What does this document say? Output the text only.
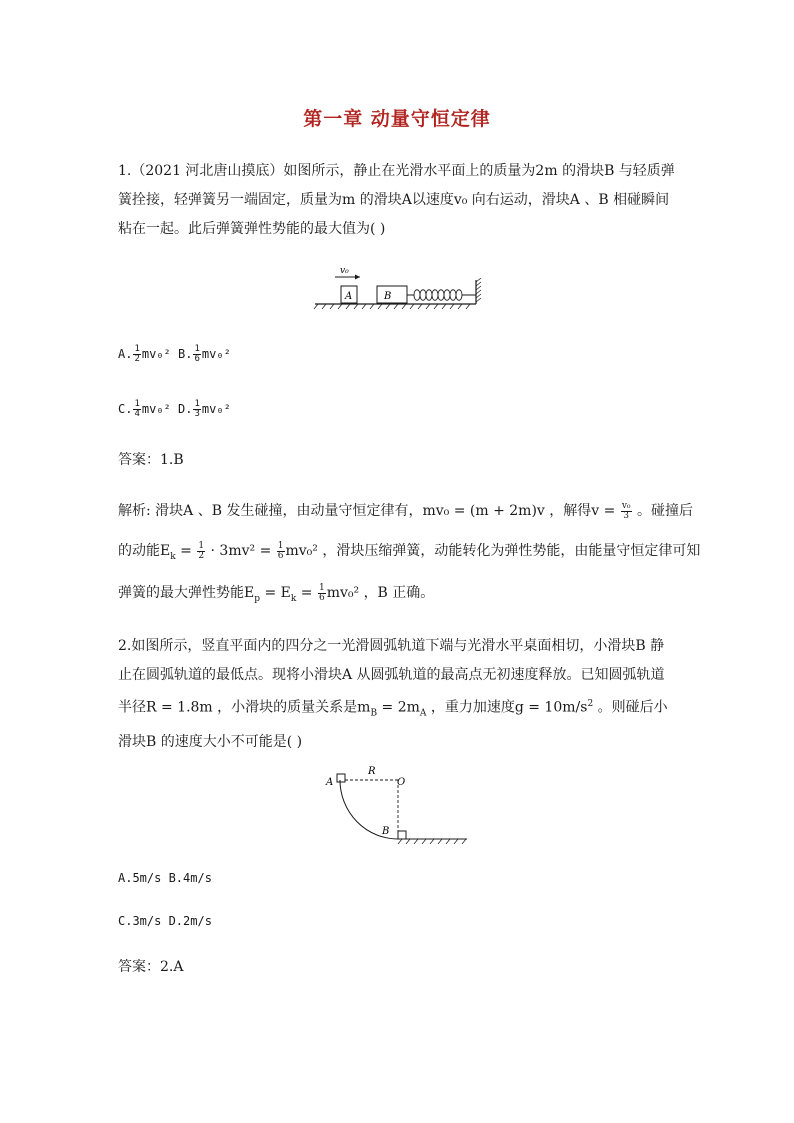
第一章 动量守恒定律
1.（2021 河北唐山摸底）如图所示，静止在光滑水平面上的质量为2m 的滑块B 与轻质弹簧拴接，轻弹簧另一端固定，质量为m 的滑块A以速度v₀ 向右运动，滑块A 、B 相碰瞬间粘在一起。此后弹簧弹性势能的最大值为( )
v₀
A	B
A. $\frac{1}{2} mv_0^2$ B. $\frac{1}{6} mv_0^2$
C. $\frac{1}{4} mv_0^2$ D. $\frac{1}{3} mv_0^2$
答案：1.B
解析: 滑块A 、B 发生碰撞，由动量守恒定律有，mv₀ = (m + 2m)v ，解得$v = \frac{\text{v₀}}{3}$ 。碰撞后
的动能$E_k = \frac{1}{2} \cdot 3mv^2 = \frac{1}{6} mv_0^2$ ，滑块压缩弹簧，动能转化为弹性势能，由能量守恒定律可知
弹簧的最大弹性势能$E_p = E_k = \frac{1}{6} mv_0^2$ ，B 正确。
2.如图所示，竖直平面内的四分之一光滑圆弧轨道下端与光滑水平桌面相切，小滑块B 静止在圆弧轨道的最低点。现将小滑块A 从圆弧轨道的最高点无初速度释放。已知圆弧轨道半径R = 1.8m ，小滑块的质量关系是$m_B = 2m_A$ ，重力加速度$g = 10m/s^2$ 。则碰后小滑块B 的速度大小不可能是( )
A
R
O
B
A.5m/s B.4m/s
C.3m/s D.2m/s
答案：2.A
